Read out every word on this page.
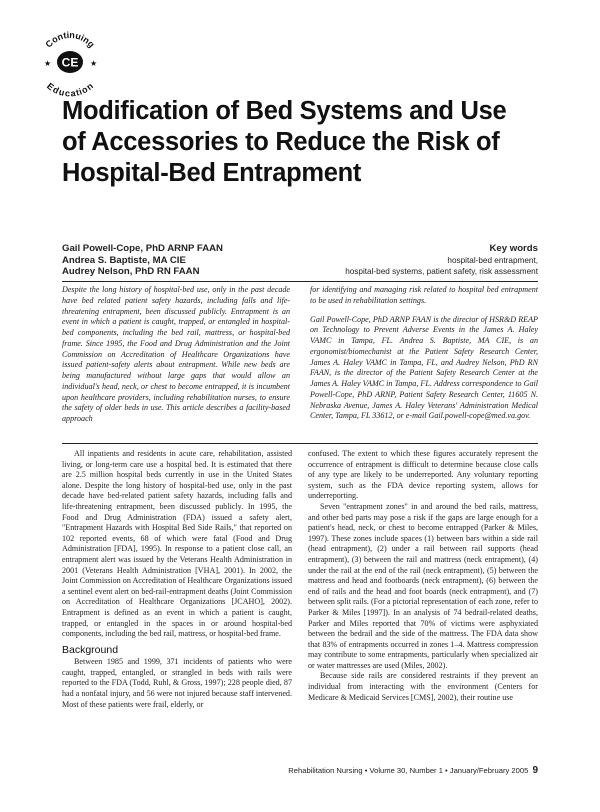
Continuing
Education
★	★
CE
Modification of Bed Systems and Use of Accessories to Reduce the Risk of Hospital-Bed Entrapment
Gail Powell-Cope, PhD ARNP FAAN
Andrea S. Baptiste, MA CIE
Audrey Nelson, PhD RN FAAN
Key words
hospital-bed entrapment,
hospital-bed systems, patient safety, risk assessment

Despite the long history of hospital-bed use, only in the past decade have bed related patient safety hazards, including falls and life-threatening entrapment, been discussed publicly. Entrapment is an event in which a patient is caught, trapped, or entangled in hospital-bed components, including the bed rail, mattress, or hospital-bed frame. Since 1995, the Food and Drug Administration and the Joint Commission on Accreditation of Healthcare Organizations have issued patient-safety alerts about entrapment. While new beds are being manufactured without large gaps that would allow an individual's head, neck, or chest to become entrapped, it is incumbent upon healthcare providers, including rehabilitation nurses, to ensure the safety of older beds in use. This article describes a facility-based approach

for identifying and managing risk related to hospital bed entrapment to be used in rehabilitation settings.

Gail Powell-Cope, PhD ARNP FAAN is the director of HSR&D REAP on Technology to Prevent Adverse Events in the James A. Haley VAMC in Tampa, FL. Andrea S. Baptiste, MA CIE, is an ergonomist/biomechanist at the Patient Safety Research Center, James A. Haley VAMC in Tampa, FL, and Audrey Nelson, PhD RN FAAN, is the director of the Patient Safety Research Center at the James A. Haley VAMC in Tampa, FL. Address correspondence to Gail Powell-Cope, PhD ARNP, Patient Safety Research Center, 11605 N. Nebraska Avenue, James A. Haley Veterans' Administration Medical Center, Tampa, FL 33612, or e-mail Gail.powell-cope@med.va.gov.

All inpatients and residents in acute care, rehabilitation, assisted living, or long-term care use a hospital bed. It is estimated that there are 2.5 million hospital beds currently in use in the United States alone. Despite the long history of hospital-bed use, only in the past decade have bed-related patient safety hazards, including falls and life-threatening entrapment, been discussed publicly. In 1995, the Food and Drug Administration (FDA) issued a safety alert, "Entrapment Hazards with Hospital Bed Side Rails," that reported on 102 reported events, 68 of which were fatal (Food and Drug Administration [FDA], 1995). In response to a patient close call, an entrapment alert was issued by the Veterans Health Administration in 2001 (Veterans Health Administration [VHA], 2001). In 2002, the Joint Commission on Accreditation of Healthcare Organizations issued a sentinel event alert on bed-rail-entrapment deaths (Joint Commission on Accreditation of Healthcare Organizations [JCAHO], 2002). Entrapment is defined as an event in which a patient is caught, trapped, or entangled in the spaces in or around hospital-bed components, including the bed rail, mattress, or hospital-bed frame.

Background

Between 1985 and 1999, 371 incidents of patients who were caught, trapped, entangled, or strangled in beds with rails were reported to the FDA (Todd, Ruhl, & Gross, 1997); 228 people died, 87 had a nonfatal injury, and 56 were not injured because staff intervened. Most of these patients were frail, elderly, or

confused. The extent to which these figures accurately represent the occurrence of entrapment is difficult to determine because close calls of any type are likely to be underreported. Any voluntary reporting system, such as the FDA device reporting system, allows for underreporting.

Seven "entrapment zones" in and around the bed rails, mattress, and other bed parts may pose a risk if the gaps are large enough for a patient's head, neck, or chest to become entrapped (Parker & Miles, 1997). These zones include spaces (1) between bars within a side rail (head entrapment), (2) under a rail between rail supports (head entrapment), (3) between the rail and mattress (neck entrapment), (4) under the rail at the end of the rail (neck entrapment), (5) between the mattress and head and footboards (neck entrapment), (6) between the end of rails and the head and foot boards (neck entrapment), and (7) between split rails. (For a pictorial representation of each zone, refer to Parker & Miles [1997]). In an analysis of 74 bedrail-related deaths, Parker and Miles reported that 70% of victims were asphyxiated between the bedrail and the side of the mattress. The FDA data show that 83% of entrapments occurred in zones 1–4. Mattress compression may contribute to some entrapments, particularly when specialized air or water mattresses are used (Miles, 2002).

Because side rails are considered restraints if they prevent an individual from interacting with the environment (Centers for Medicare & Medicaid Services [CMS], 2002), their routine use

Rehabilitation Nursing • Volume 30, Number 1 • January/February 2005 9
